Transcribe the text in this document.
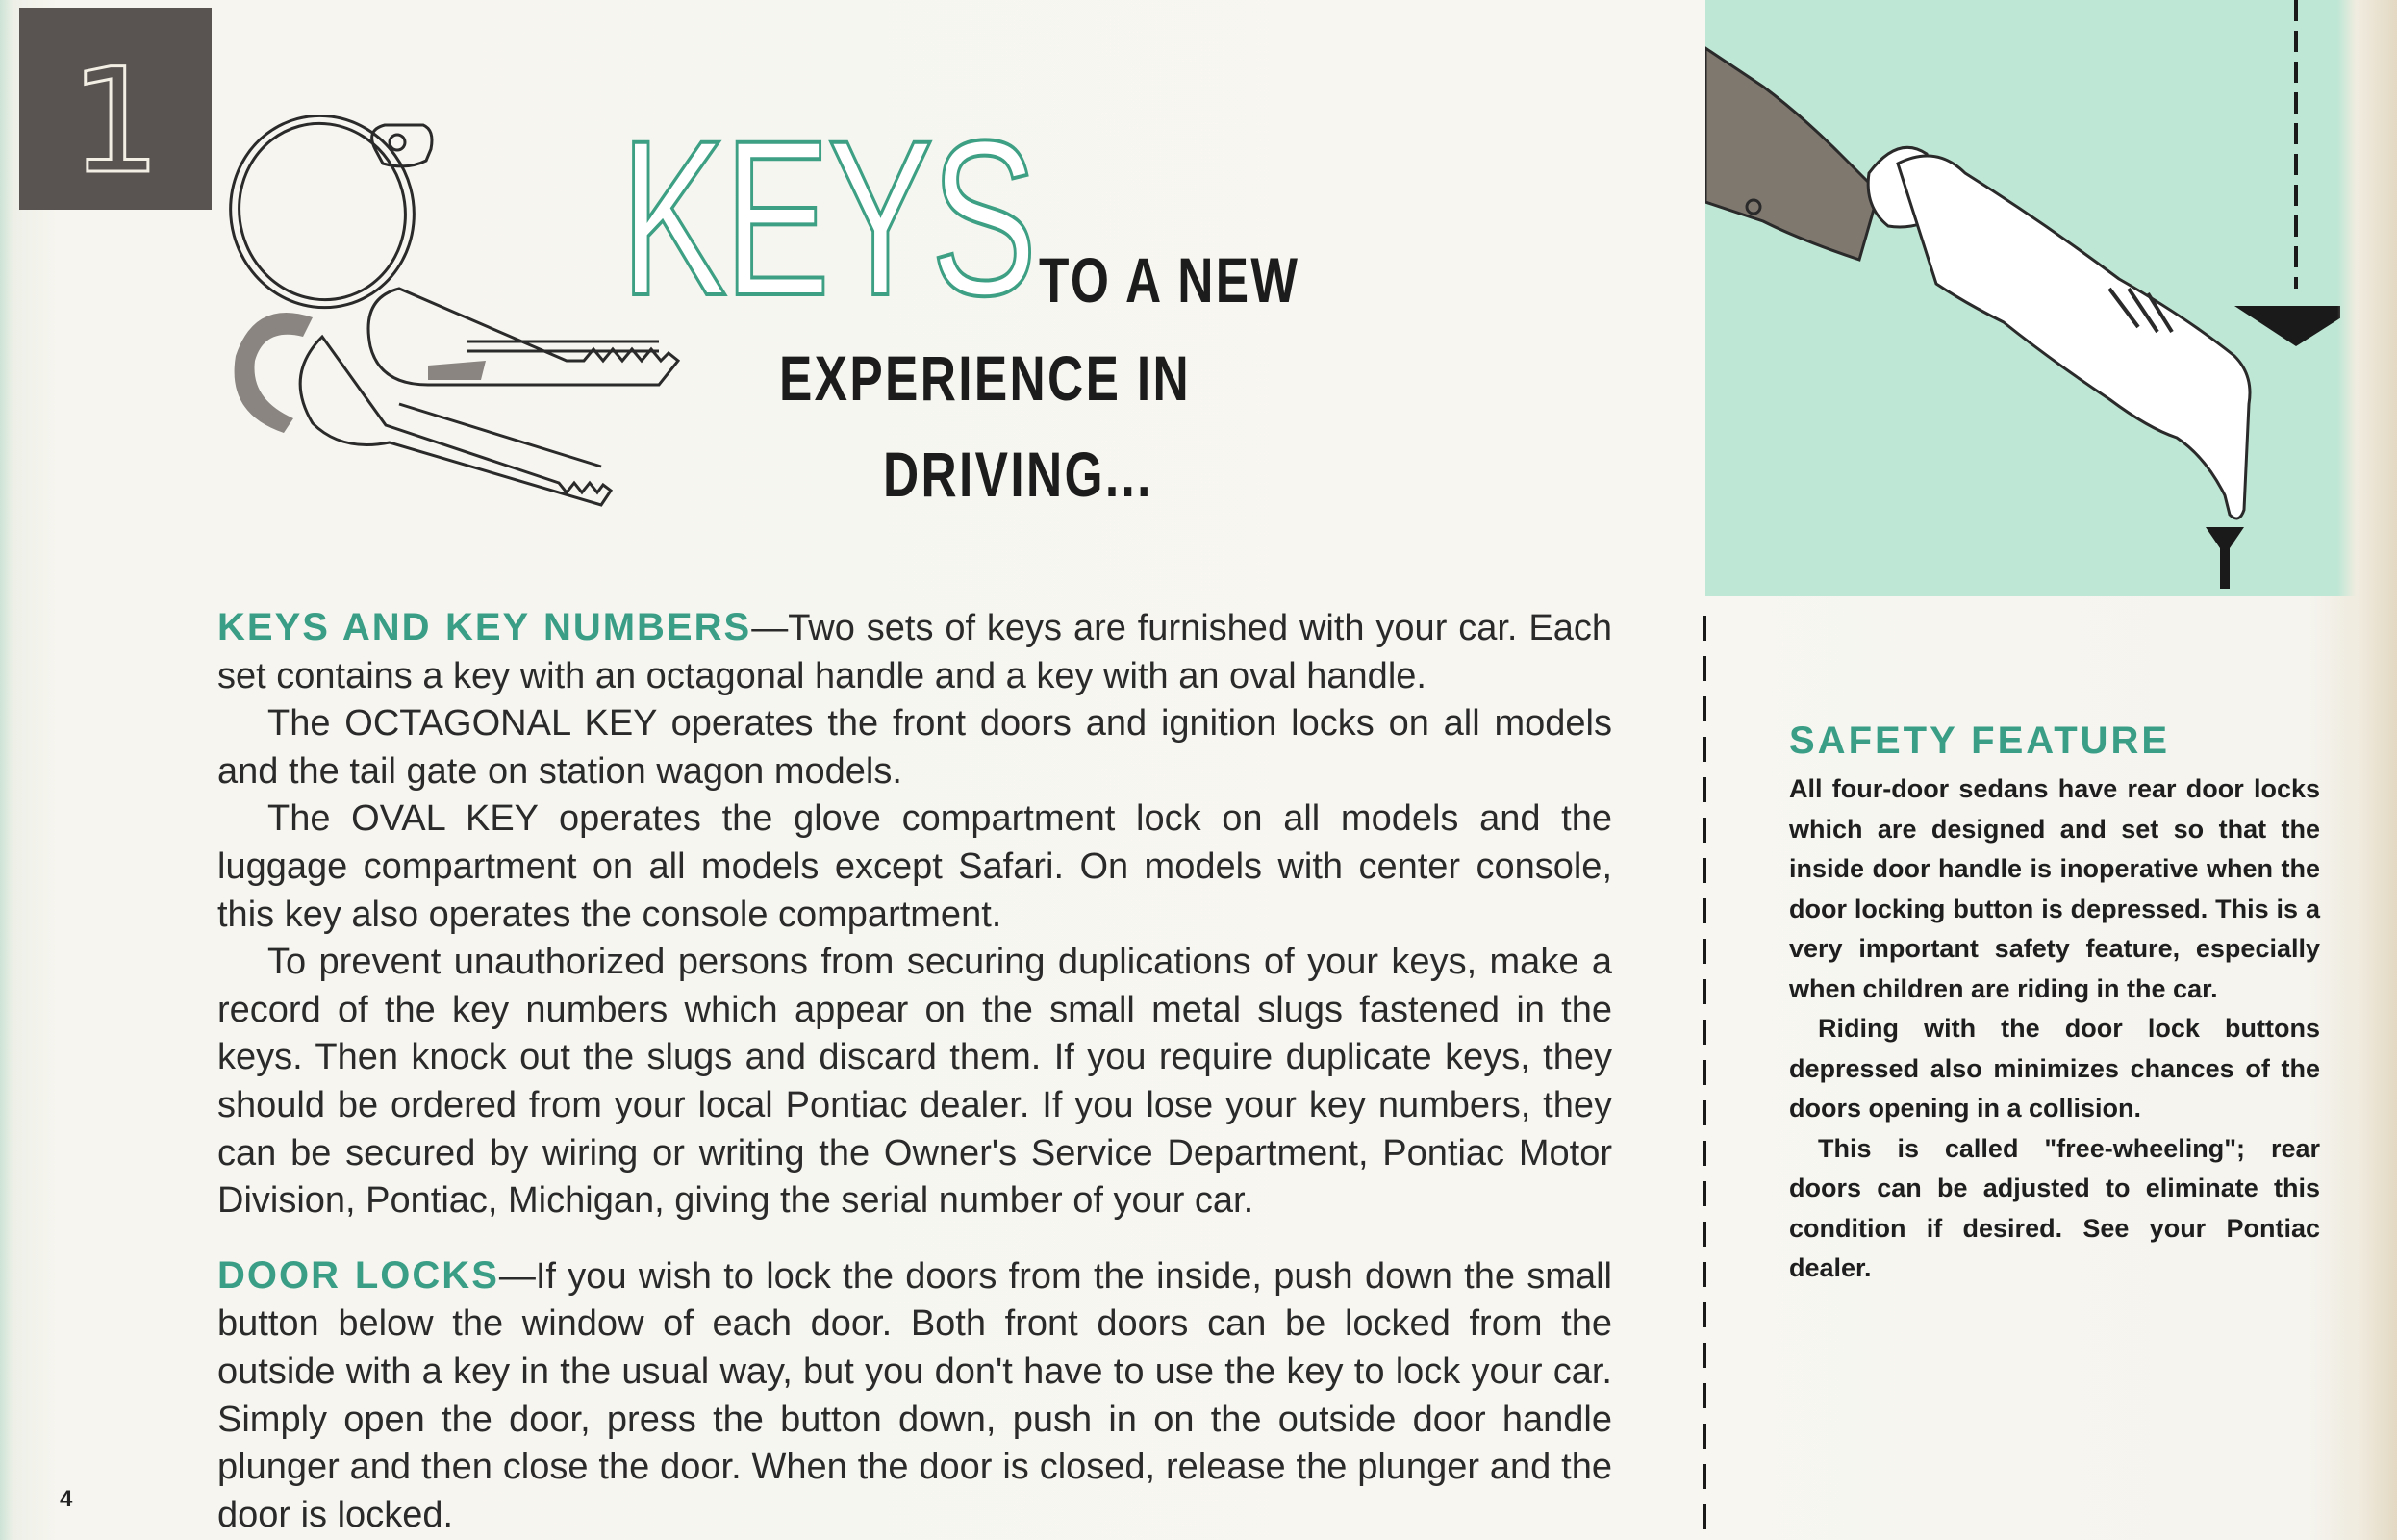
1 KEYS TO A NEW
EXPERIENCE IN
DRIVING...

KEYS AND KEY NUMBERS—Two sets of keys are furnished with your car. Each set contains a key with an octagonal handle and a key with an oval handle.

The OCTAGONAL KEY operates the front doors and ignition locks on all models and the tail gate on station wagon models.

The OVAL KEY operates the glove compartment lock on all models and the luggage compartment on all models except Safari. On models with center console, this key also operates the console compartment.

To prevent unauthorized persons from securing duplications of your keys, make a record of the key numbers which appear on the small metal slugs fastened in the keys. Then knock out the slugs and discard them. If you require duplicate keys, they should be ordered from your local Pontiac dealer. If you lose your key numbers, they can be secured by wiring or writing the Owner's Service Department, Pontiac Motor Division, Pontiac, Michigan, giving the serial number of your car.

DOOR LOCKS—If you wish to lock the doors from the inside, push down the small button below the window of each door. Both front doors can be locked from the outside with a key in the usual way, but you don't have to use the key to lock your car. Simply open the door, press the button down, push in on the outside door handle plunger and then close the door. When the door is closed, release the plunger and the door is locked.

4
SAFETY FEATURE

All four-door sedans have rear door locks which are designed and set so that the inside door handle is inoperative when the door locking button is depressed. This is a very important safety feature, especially when children are riding in the car.

Riding with the door lock buttons depressed also minimizes chances of the doors opening in a collision.

This is called "free-wheeling"; rear doors can be adjusted to eliminate this condition if desired. See your Pontiac dealer.
